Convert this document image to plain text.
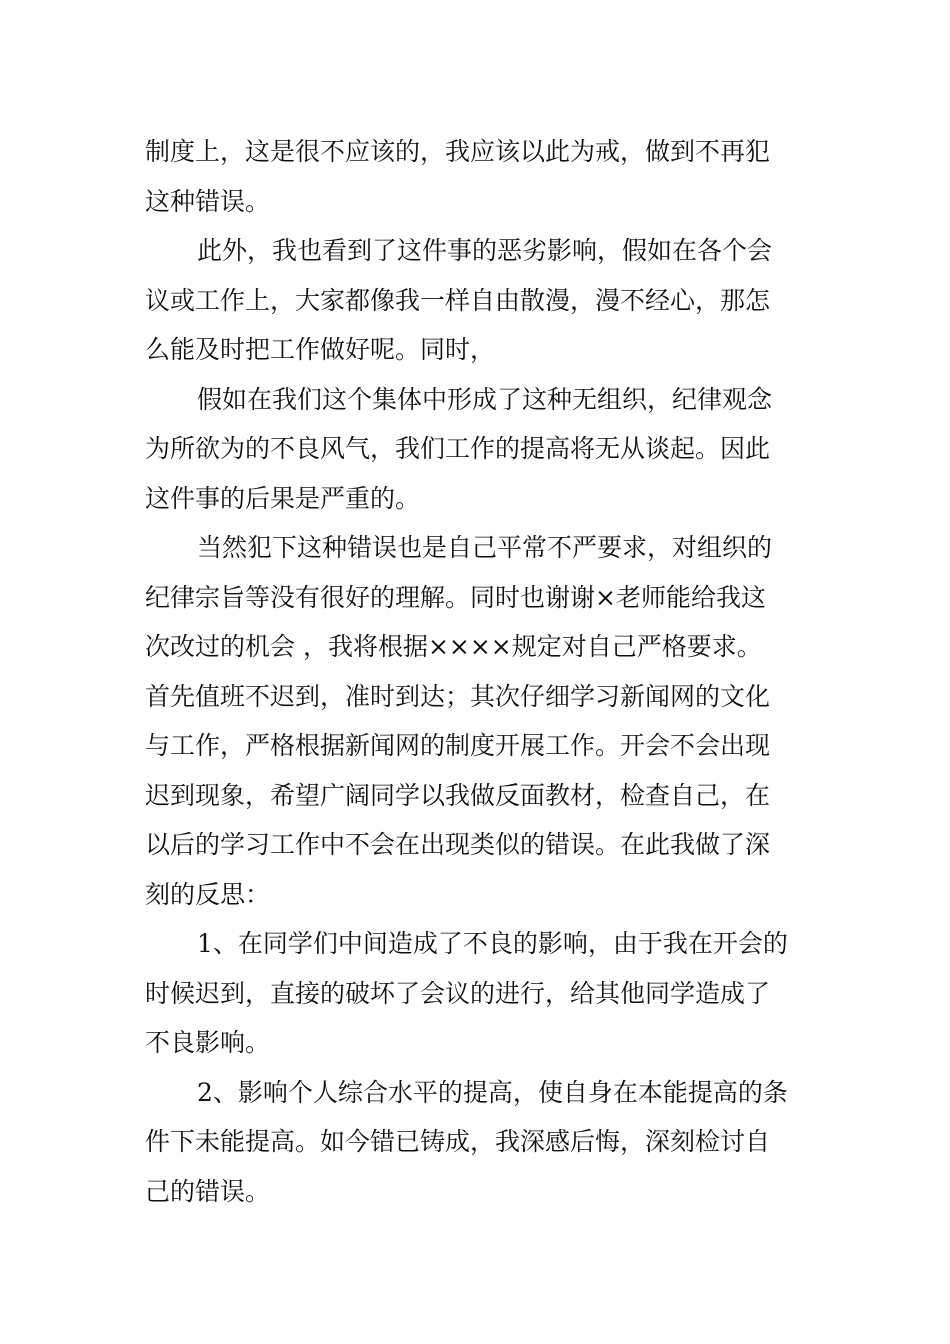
制度上，这是很不应该的，我应该以此为戒，做到不再犯
这种错误。

此外，我也看到了这件事的恶劣影响，假如在各个会
议或工作上，大家都像我一样自由散漫，漫不经心，那怎
么能及时把工作做好呢。同时，

假如在我们这个集体中形成了这种无组织，纪律观念
为所欲为的不良风气，我们工作的提高将无从谈起。因此
这件事的后果是严重的。

当然犯下这种错误也是自己平常不严要求，对组织的
纪律宗旨等没有很好的理解。同时也谢谢×老师能给我这
次改过的机会 ，我将根据××××规定对自己严格要求。
首先值班不迟到，准时到达；其次仔细学习新闻网的文化
与工作，严格根据新闻网的制度开展工作。开会不会出现
迟到现象，希望广阔同学以我做反面教材，检查自己，在
以后的学习工作中不会在出现类似的错误。在此我做了深
刻的反思：

1、在同学们中间造成了不良的影响，由于我在开会的
时候迟到，直接的破坏了会议的进行，给其他同学造成了
不良影响。

2、影响个人综合水平的提高，使自身在本能提高的条
件下未能提高。如今错已铸成，我深感后悔，深刻检讨自
己的错误。
